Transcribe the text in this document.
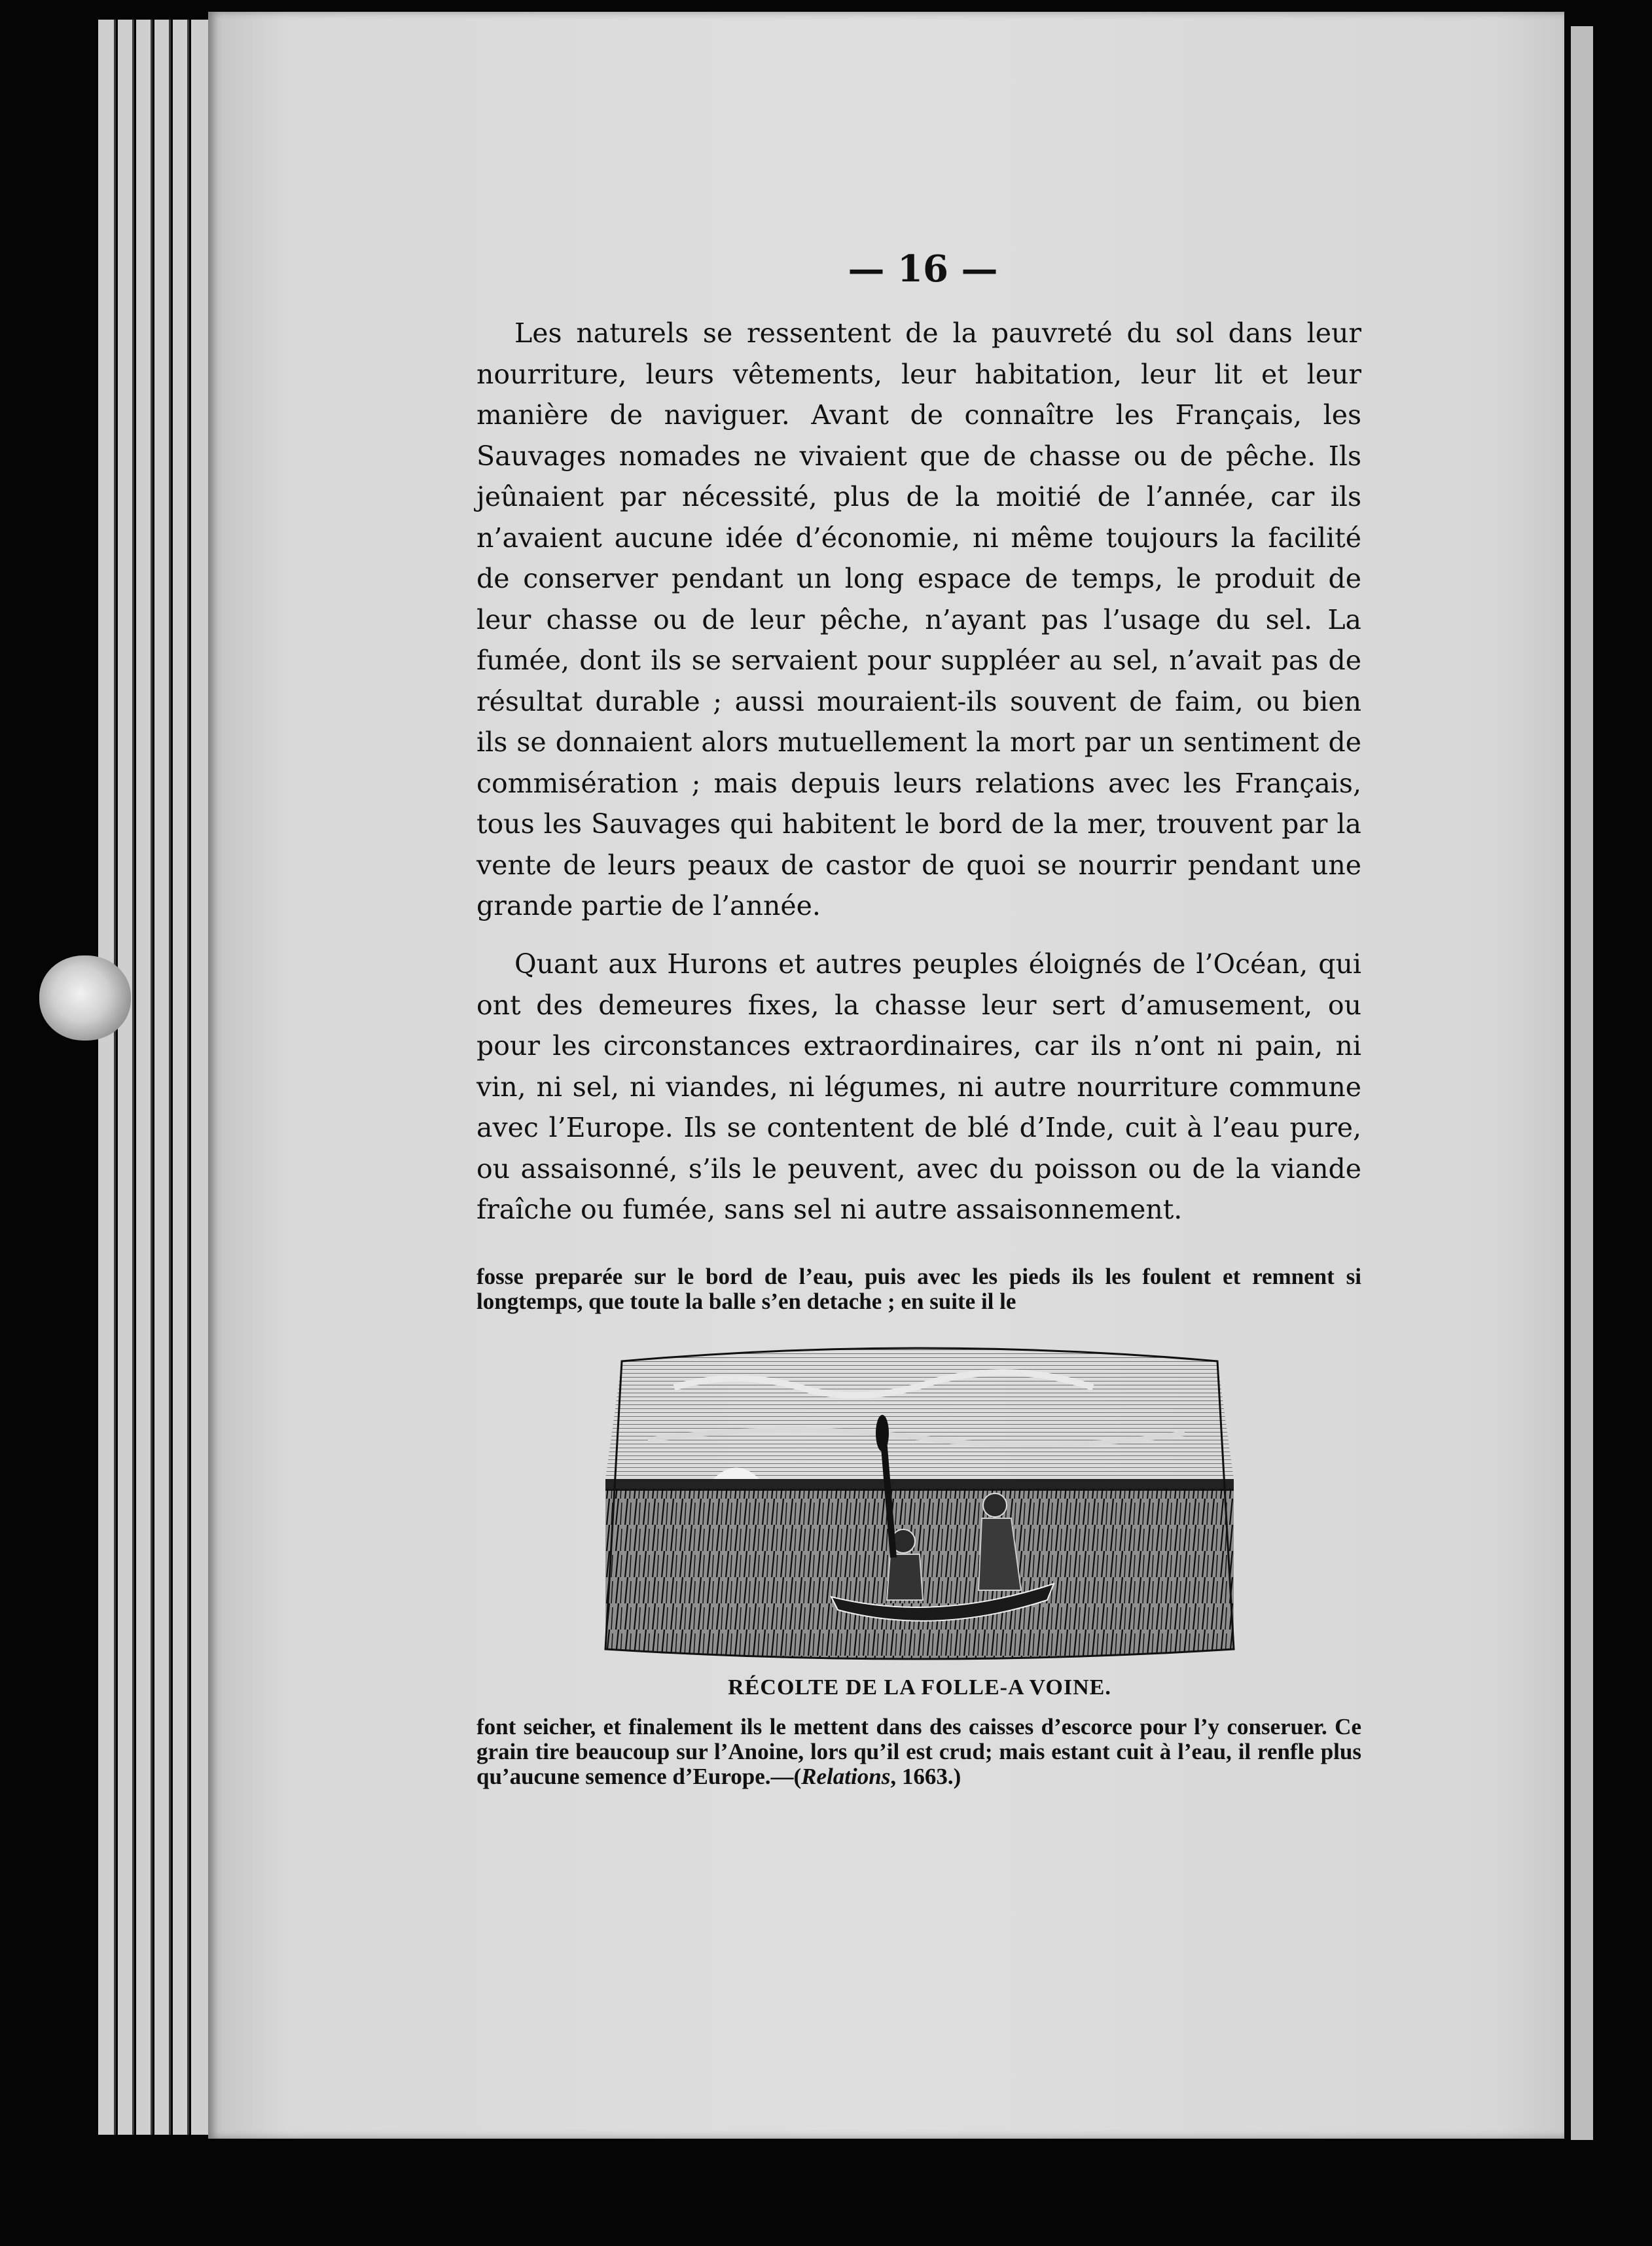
— 16 —

Les naturels se ressentent de la pauvreté du sol dans leur nourriture, leurs vêtements, leur habitation, leur lit et leur manière de naviguer. Avant de connaître les Français, les Sauvages nomades ne vivaient que de chasse ou de pêche. Ils jeûnaient par nécessité, plus de la moitié de l’année, car ils n’avaient aucune idée d’économie, ni même toujours la facilité de conserver pendant un long espace de temps, le produit de leur chasse ou de leur pêche, n’ayant pas l’usage du sel. La fumée, dont ils se servaient pour suppléer au sel, n’avait pas de résultat durable ; aussi mouraient-ils souvent de faim, ou bien ils se donnaient alors mutuellement la mort par un sentiment de commisération ; mais depuis leurs relations avec les Français, tous les Sauvages qui habitent le bord de la mer, trouvent par la vente de leurs peaux de castor de quoi se nourrir pendant une grande partie de l’année.

Quant aux Hurons et autres peuples éloignés de l’Océan, qui ont des demeures fixes, la chasse leur sert d’amusement, ou pour les circonstances extraordinaires, car ils n’ont ni pain, ni vin, ni sel, ni viandes, ni légumes, ni autre nourriture commune avec l’Europe. Ils se contentent de blé d’Inde, cuit à l’eau pure, ou assaisonné, s’ils le peuvent, avec du poisson ou de la viande fraîche ou fumée, sans sel ni autre assaisonnement.

fosse preparée sur le bord de l’eau, puis avec les pieds ils les foulent et remnent si longtemps, que toute la balle s’en detache ; en suite il le
RÉCOLTE DE LA FOLLE-A VOINE.
font seicher, et finalement ils le mettent dans des caisses d’escorce pour l’y conseruer. Ce grain tire beaucoup sur l’Anoine, lors qu’il est crud; mais estant cuit à l’eau, il renfle plus qu’aucune semence d’Europe.—(Relations, 1663.)
